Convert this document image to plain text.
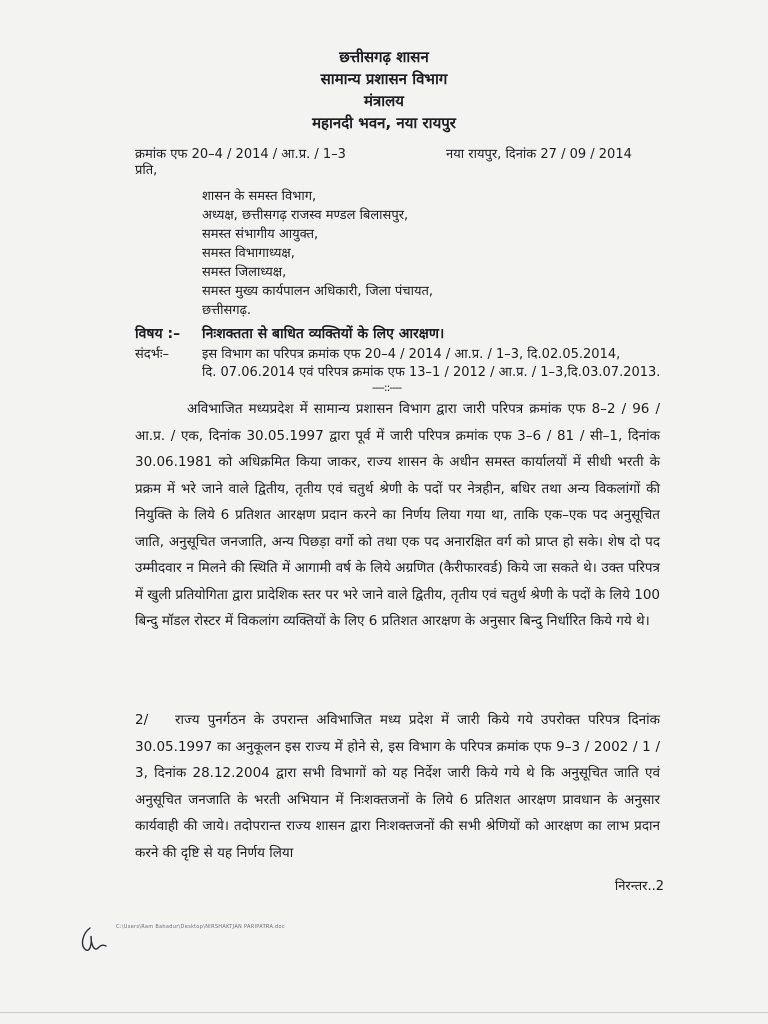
छत्तीसगढ़ शासन
सामान्य प्रशासन विभाग
मंत्रालय
महानदी भवन, नया रायपुर
क्रमांक एफ 20–4 / 2014 / आ.प्र. / 1–3	नया रायपुर, दिनांक 27 / 09 / 2014
प्रति,
शासन के समस्त विभाग,
अध्यक्ष, छत्तीसगढ़ राजस्व मण्डल बिलासपुर,
समस्त संभागीय आयुक्त,
समस्त विभागाध्यक्ष,
समस्त जिलाध्यक्ष,
समस्त मुख्य कार्यपालन अधिकारी, जिला पंचायत,
छत्तीसगढ़.
विषय :– निःशक्तता से बाधित व्यक्तियों के लिए आरक्षण।
संदर्भः–	इस विभाग का परिपत्र क्रमांक एफ 20–4 / 2014 / आ.प्र. / 1–3, दि.02.05.2014,
दि. 07.06.2014 एवं परिपत्र क्रमांक एफ 13–1 / 2012 / आ.प्र. / 1–3,दि.03.07.2013.
----::----
अविभाजित मध्यप्रदेश में सामान्य प्रशासन विभाग द्वारा जारी परिपत्र क्रमांक एफ 8–2 / 96 / आ.प्र. / एक, दिनांक 30.05.1997 द्वारा पूर्व में जारी परिपत्र क्रमांक एफ 3–6 / 81 / सी–1, दिनांक 30.06.1981 को अधिक्रमित किया जाकर, राज्य शासन के अधीन समस्त कार्यालयों में सीधी भरती के प्रक्रम में भरे जाने वाले द्वितीय, तृतीय एवं चतुर्थ श्रेणी के पदों पर नेत्रहीन, बधिर तथा अन्य विकलांगों की नियुक्ति के लिये 6 प्रतिशत आरक्षण प्रदान करने का निर्णय लिया गया था, ताकि एक–एक पद अनुसूचित जाति, अनुसूचित जनजाति, अन्य पिछड़ा वर्गो को तथा एक पद अनारक्षित वर्ग को प्राप्त हो सके। शेष दो पद उम्मीदवार न मिलने की स्थिति में आगामी वर्ष के लिये अग्रणित (कैरीफारवर्ड) किये जा सकते थे। उक्त परिपत्र में खुली प्रतियोगिता द्वारा प्रादेशिक स्तर पर भरे जाने वाले द्वितीय, तृतीय एवं चतुर्थ श्रेणी के पदों के लिये 100 बिन्दु मॉडल रोस्टर में विकलांग व्यक्तियों के लिए 6 प्रतिशत आरक्षण के अनुसार बिन्दु निर्धारित किये गये थे।
2/ राज्य पुनर्गठन के उपरान्त अविभाजित मध्य प्रदेश में जारी किये गये उपरोक्त परिपत्र दिनांक 30.05.1997 का अनुकूलन इस राज्य में होने से, इस विभाग के परिपत्र क्रमांक एफ 9–3 / 2002 / 1 / 3, दिनांक 28.12.2004 द्वारा सभी विभागों को यह निर्देश जारी किये गये थे कि अनुसूचित जाति एवं अनुसूचित जनजाति के भरती अभियान में निःशक्तजनों के लिये 6 प्रतिशत आरक्षण प्रावधान के अनुसार कार्यवाही की जाये। तदोपरान्त राज्य शासन द्वारा निःशक्तजनों की सभी श्रेणियों को आरक्षण का लाभ प्रदान करने की दृष्टि से यह निर्णय लिया
निरन्तर..2
C:\Users\Ram Bahadur\Desktop\NIRSHAKTJAN PARIPATRA.doc
